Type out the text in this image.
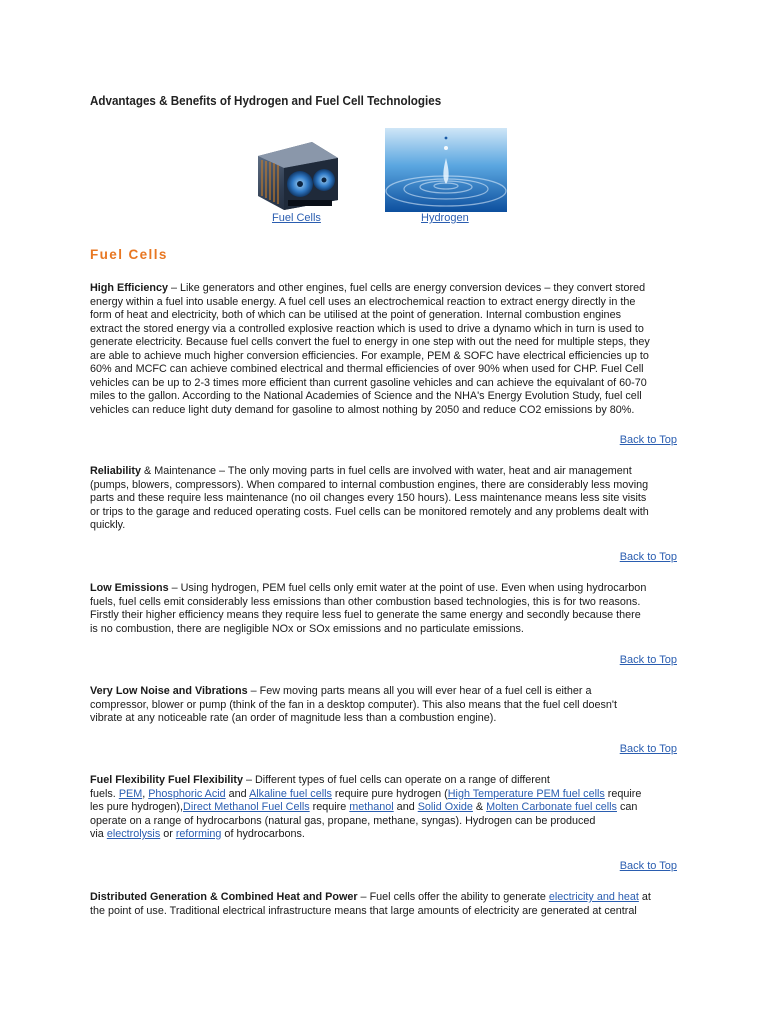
Advantages & Benefits of Hydrogen and Fuel Cell Technologies
Fuel Cells	Hydrogen
Fuel Cells
High Efficiency – Like generators and other engines, fuel cells are energy conversion devices – they convert stored
energy within a fuel into usable energy. A fuel cell uses an electrochemical reaction to extract energy directly in the
form of heat and electricity, both of which can be utilised at the point of generation. Internal combustion engines
extract the stored energy via a controlled explosive reaction which is used to drive a dynamo which in turn is used to
generate electricity. Because fuel cells convert the fuel to energy in one step with out the need for multiple steps, they
are able to achieve much higher conversion efficiencies. For example, PEM & SOFC have electrical efficiencies up to
60% and MCFC can achieve combined electrical and thermal efficiencies of over 90% when used for CHP. Fuel Cell
vehicles can be up to 2-3 times more efficient than current gasoline vehicles and can achieve the equivalant of 60-70
miles to the gallon. According to the National Academies of Science and the NHA's Energy Evolution Study, fuel cell
vehicles can reduce light duty demand for gasoline to almost nothing by 2050 and reduce CO2 emissions by 80%.
Back to Top
Reliability & Maintenance – The only moving parts in fuel cells are involved with water, heat and air management
(pumps, blowers, compressors). When compared to internal combustion engines, there are considerably less moving
parts and these require less maintenance (no oil changes every 150 hours). Less maintenance means less site visits
or trips to the garage and reduced operating costs. Fuel cells can be monitored remotely and any problems dealt with
quickly.
Back to Top
Low Emissions – Using hydrogen, PEM fuel cells only emit water at the point of use. Even when using hydrocarbon
fuels, fuel cells emit considerably less emissions than other combustion based technologies, this is for two reasons.
Firstly their higher efficiency means they require less fuel to generate the same energy and secondly because there
is no combustion, there are negligible NOx or SOx emissions and no particulate emissions.
Back to Top
Very Low Noise and Vibrations – Few moving parts means all you will ever hear of a fuel cell is either a
compressor, blower or pump (think of the fan in a desktop computer). This also means that the fuel cell doesn't
vibrate at any noticeable rate (an order of magnitude less than a combustion engine).
Back to Top
Fuel Flexibility Fuel Flexibility – Different types of fuel cells can operate on a range of different
fuels. PEM, Phosphoric Acid and Alkaline fuel cells require pure hydrogen (High Temperature PEM fuel cells require
les pure hydrogen),Direct Methanol Fuel Cells require methanol and Solid Oxide & Molten Carbonate fuel cells can
operate on a range of hydrocarbons (natural gas, propane, methane, syngas). Hydrogen can be produced
via electrolysis or reforming of hydrocarbons.
Back to Top
Distributed Generation & Combined Heat and Power – Fuel cells offer the ability to generate electricity and heat at
the point of use. Traditional electrical infrastructure means that large amounts of electricity are generated at central
